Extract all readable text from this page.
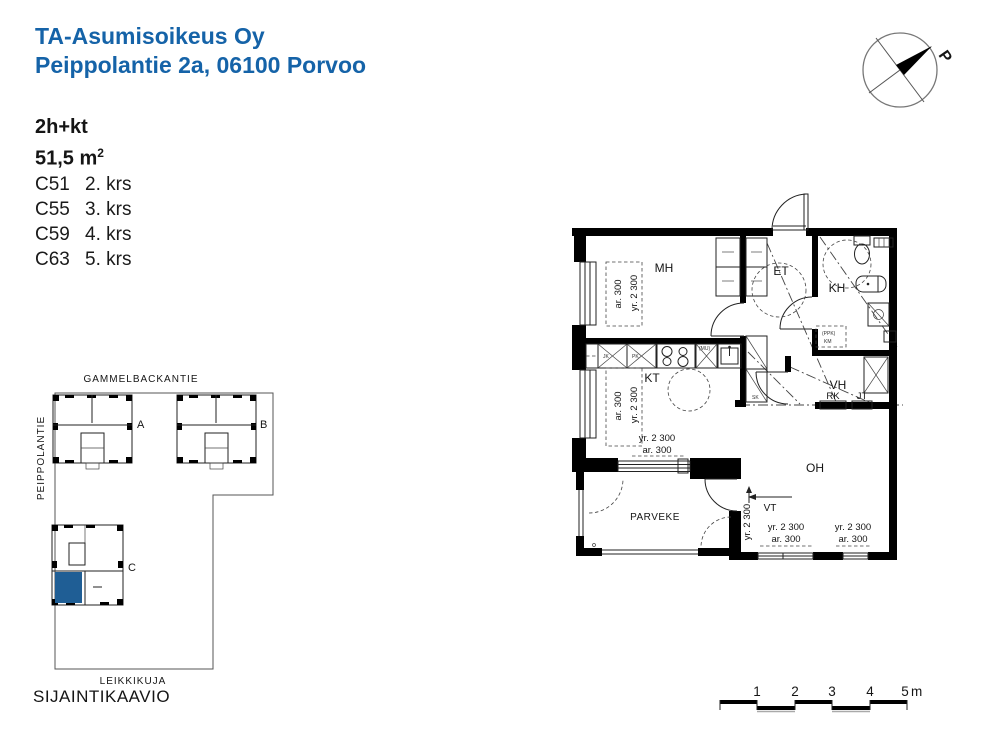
TA-Asumisoikeus Oy
Peippolantie 2a, 06100 Porvoo
2h+kt
51,5 $m^2$
C51 2. krs
C55 3. krs
C59 4. krs
C63 5. krs
P
GAMMELBACKANTIE
PEIPPOLANTIE
LEIKKIKUJA
A	B
C
SIJAINTIKAAVIO
SK
JK	PK
(MU)
(PPK)
KM
ar. 300 yr. 2 300
ar. 300 yr. 2 300
yr. 2 300
ar. 300
yr. 2 300
ar. 300
yr. 2 300
ar. 300
yr. 2 300 VT
RK JT
MH	ET
KH
KT	VH
OH
PARVEKE
1 2 3 4 5 m
